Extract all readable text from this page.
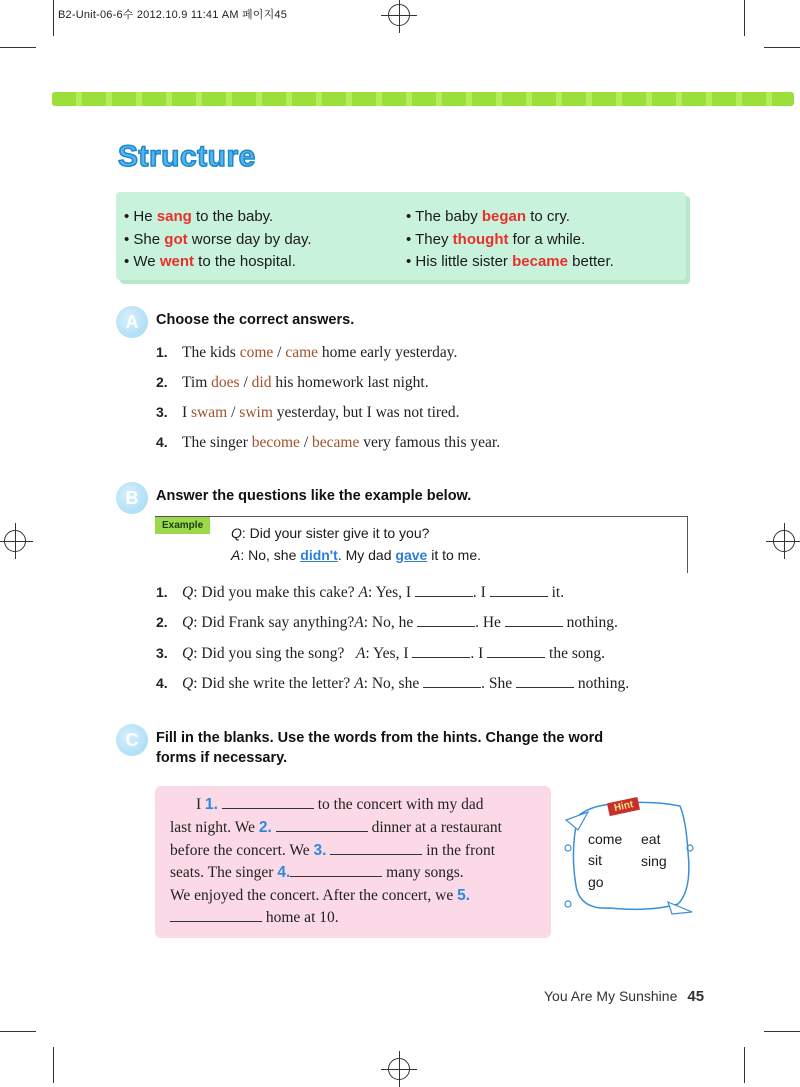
B2-Unit-06-6수 2012.10.9 11:41 AM 페이지45
Structure
• He sang to the baby.
• She got worse day by day.
• We went to the hospital.
• The baby began to cry.
• They thought for a while.
• His little sister became better.
A	Choose the correct answers.
1. The kids come / came home early yesterday.
2. Tim does / did his homework last night.
3. I swam / swim yesterday, but I was not tired.
4. The singer become / became very famous this year.
B	Answer the questions like the example below.
Example	Q: Did your sister give it to you?
A: No, she didn't. My dad gave it to me.
1. Q: Did you make this cake? A: Yes, I	. I	it.
2. Q: Did Frank say anything?A: No, he	. He	nothing.
3. Q: Did you sing the song? A: Yes, I	. I	the song.
4. Q: Did she write the letter? A: No, she	. She	nothing.
C	Fill in the blanks. Use the words from the hints. Change the word
forms if necessary.
I 1.	to the concert with my dad
last night. We 2.	dinner at a restaurant
before the concert. We 3.	in the front
seats. The singer 4.	many songs.
We enjoyed the concert. After the concert, we 5.
home at 10.
Hint
come eat
sit	sing
go
You Are My Sunshine 45
